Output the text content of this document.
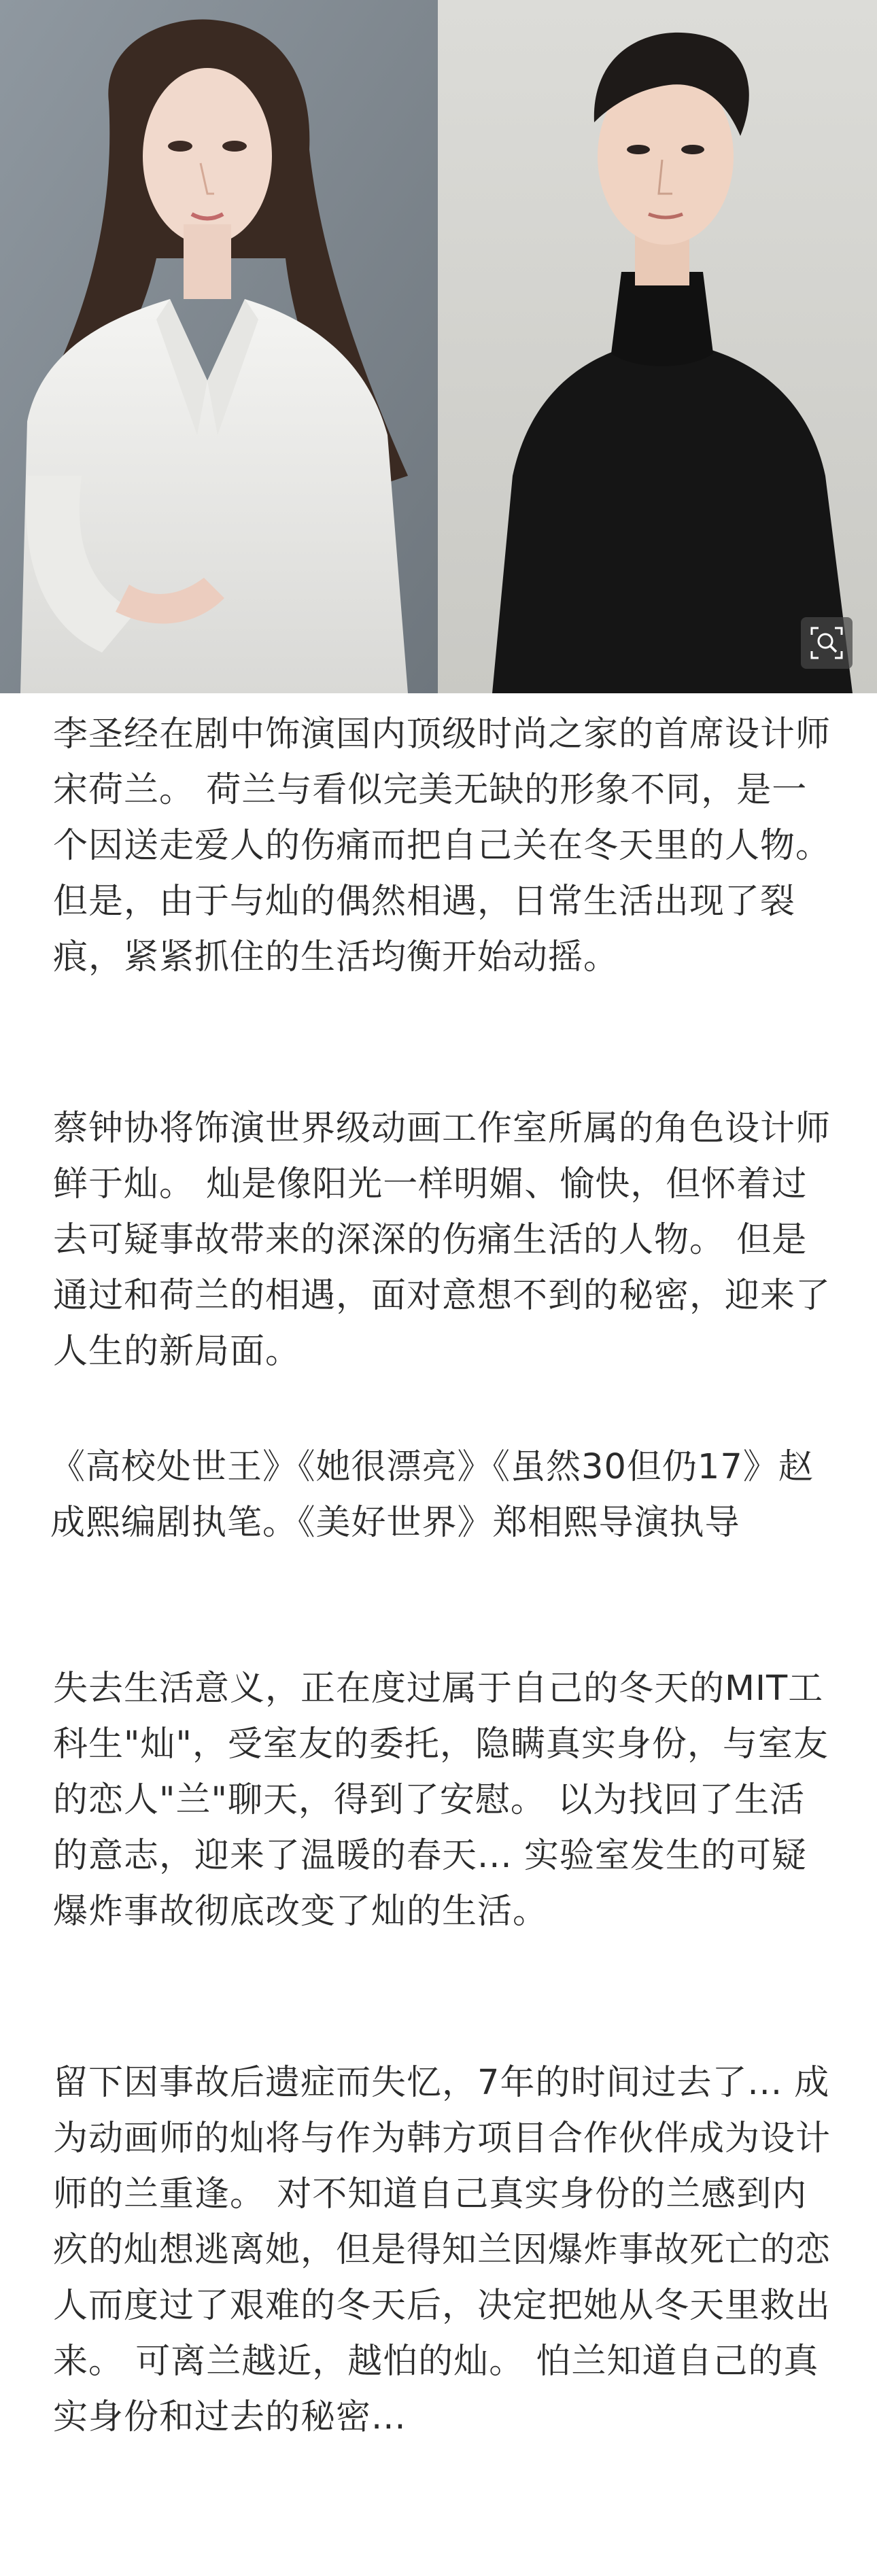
李圣经在剧中饰演国内顶级时尚之家的首席设计师宋荷兰。 荷兰与看似完美无缺的形象不同，是一个因送走爱人的伤痛而把自己关在冬天里的人物。 但是，由于与灿的偶然相遇，日常生活出现了裂痕，紧紧抓住的生活均衡开始动摇。

蔡钟协将饰演世界级动画工作室所属的角色设计师鲜于灿。 灿是像阳光一样明媚、愉快，但怀着过去可疑事故带来的深深的伤痛生活的人物。 但是通过和荷兰的相遇，面对意想不到的秘密，迎来了人生的新局面。

《高校处世王》《她很漂亮》《虽然30但仍17》赵成熙编剧执笔。《美好世界》郑相熙导演执导

失去生活意义，正在度过属于自己的冬天的MIT工科生"灿"，受室友的委托，隐瞒真实身份，与室友的恋人"兰"聊天，得到了安慰。 以为找回了生活的意志，迎来了温暖的春天... 实验室发生的可疑爆炸事故彻底改变了灿的生活。

留下因事故后遗症而失忆，7年的时间过去了... 成为动画师的灿将与作为韩方项目合作伙伴成为设计师的兰重逢。 对不知道自己真实身份的兰感到内疚的灿想逃离她，但是得知兰因爆炸事故死亡的恋人而度过了艰难的冬天后，决定把她从冬天里救出来。 可离兰越近，越怕的灿。 怕兰知道自己的真实身份和过去的秘密...
